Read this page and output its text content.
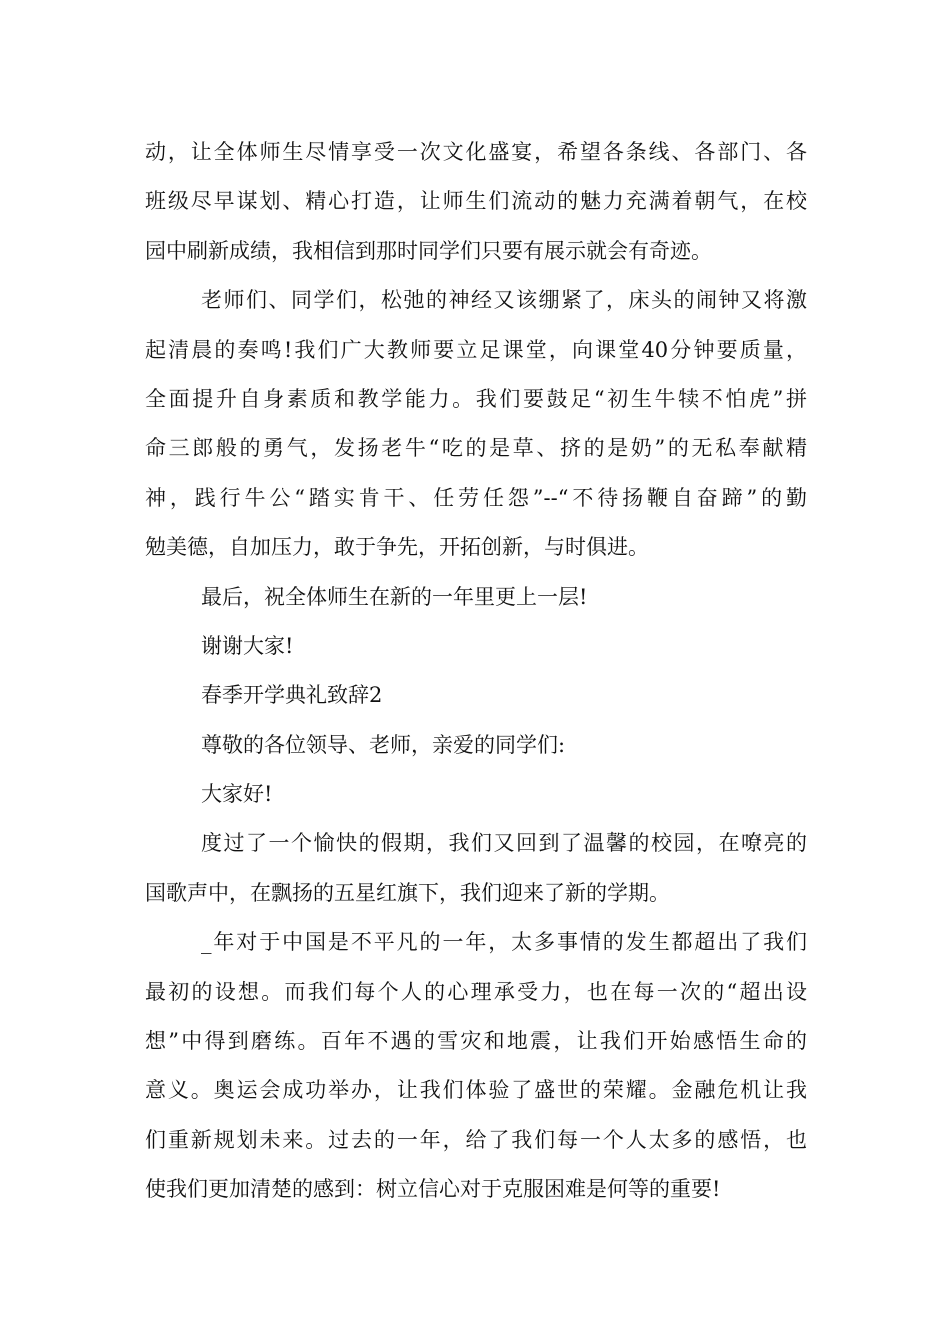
动，让全体师生尽情享受一次文化盛宴，希望各条线、各部门、各
班级尽早谋划、精心打造，让师生们流动的魅力充满着朝气，在校
园中刷新成绩，我相信到那时同学们只要有展示就会有奇迹。
老师们、同学们，松弛的神经又该绷紧了，床头的闹钟又将激
起清晨的奏鸣!我们广大教师要立足课堂，向课堂40分钟要质量，
全面提升自身素质和教学能力。我们要鼓足“初生牛犊不怕虎”拼
命三郎般的勇气，发扬老牛“吃的是草、挤的是奶”的无私奉献精
神，践行牛公“踏实肯干、任劳任怨”--“不待扬鞭自奋蹄”的勤
勉美德，自加压力，敢于争先，开拓创新，与时俱进。
最后，祝全体师生在新的一年里更上一层!
谢谢大家!
春季开学典礼致辞2
尊敬的各位领导、老师，亲爱的同学们:
大家好!
度过了一个愉快的假期，我们又回到了温馨的校园，在嘹亮的
国歌声中，在飘扬的五星红旗下，我们迎来了新的学期。
_年对于中国是不平凡的一年，太多事情的发生都超出了我们
最初的设想。而我们每个人的心理承受力，也在每一次的“超出设
想”中得到磨练。百年不遇的雪灾和地震，让我们开始感悟生命的
意义。奥运会成功举办，让我们体验了盛世的荣耀。金融危机让我
们重新规划未来。过去的一年，给了我们每一个人太多的感悟，也
使我们更加清楚的感到：树立信心对于克服困难是何等的重要!
